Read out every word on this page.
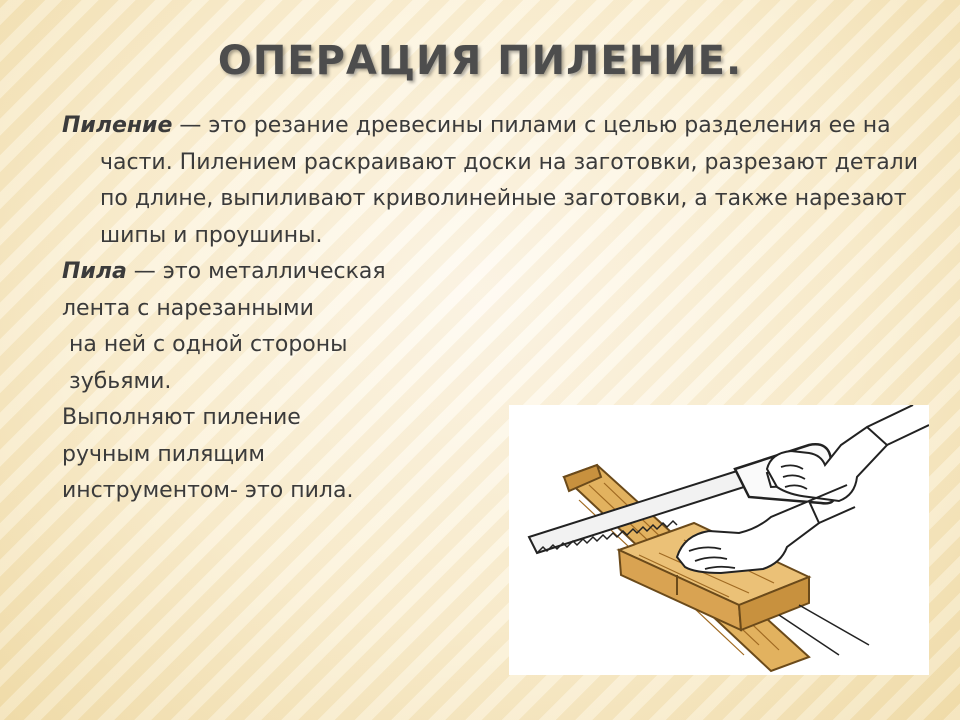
ОПЕРАЦИЯ ПИЛЕНИЕ.

Пиление — это резание древесины пилами с целью разделения ее на части. Пилением раскраивают доски на заготовки, разрезают детали по длине, выпиливают криволинейные заготовки, а также нарезают шипы и проушины.

Пила — это металлическая

лента с нарезанными

на ней с одной стороны

зубьями.

Выполняют пиление

ручным пилящим

инструментом- это пила.
